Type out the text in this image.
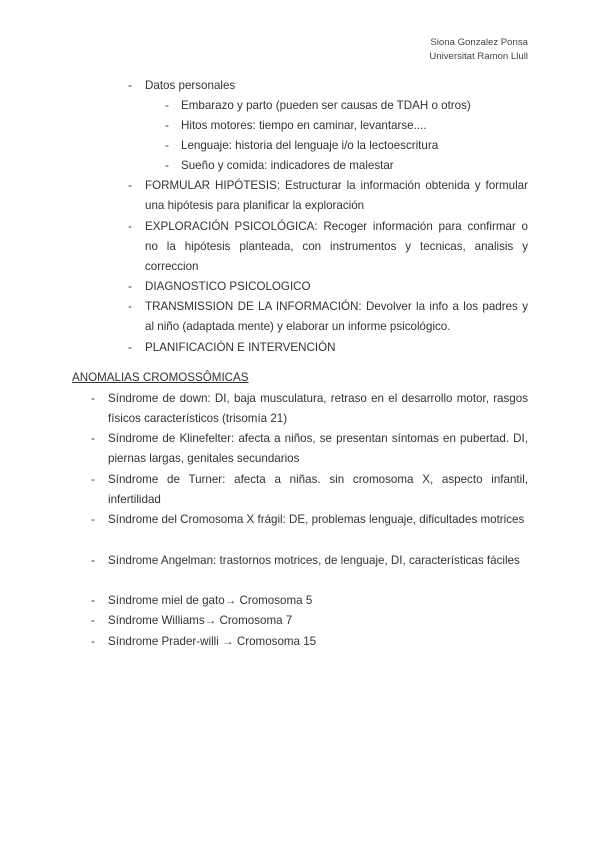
Siona Gonzalez Ponsa
Universitat Ramon Llull
- Datos personales
- Embarazo y parto (pueden ser causas de TDAH o otros)
- Hitos motores: tiempo en caminar, levantarse....
- Lenguaje: historia del lenguaje i/o la lectoescritura
- Sueño y comida: indicadores de malestar
- FORMULAR HIPÓTESIS: Estructurar la información obtenida y formular una hipótesis para planificar la exploración
- EXPLORACIÓN PSICOLÓGICA: Recoger información para confirmar o no la hipótesis planteada, con instrumentos y tecnicas, analisis y correccion
- DIAGNOSTICO PSICOLOGICO
- TRANSMISSION DE LA INFORMACIÓN: Devolver la info a los padres y al niño (adaptada mente) y elaborar un informe psicológico.
- PLANIFICACIÓN E INTERVENCIÓN
ANOMALIAS CROMOSSÔMICAS
- Síndrome de down: DI, baja musculatura, retraso en el desarrollo motor, rasgos físicos característicos (trisomía 21)
- Síndrome de Klinefelter: afecta a niños, se presentan síntomas en pubertad. DI, piernas largas, genitales secundarios
- Síndrome de Turner: afecta a niñas. sin cromosoma X, aspecto infantil, infertilidad
- Síndrome del Cromosoma X frágil: DE, problemas lenguaje, dificultades motrices
- Síndrome Angelman: trastornos motrices, de lenguaje, DI, características fáciles
- Síndrome miel de gato→ Cromosoma 5
- Síndrome Williams→ Cromosoma 7
- Síndrome Prader-willi → Cromosoma 15
